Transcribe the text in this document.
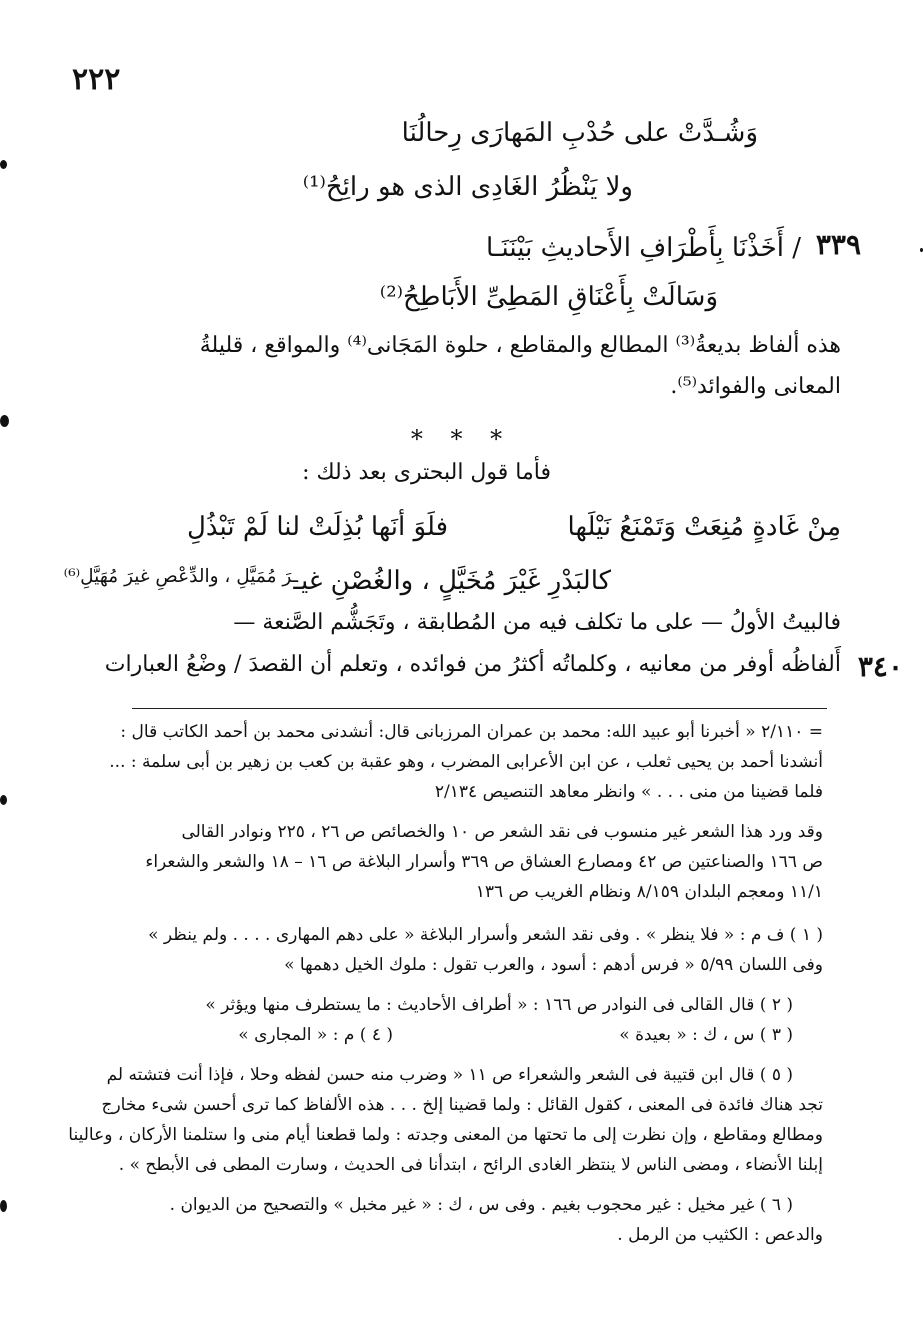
٢٢٢
وَشُـدَّتْ على حُدْبِ المَهارَى رِحالُنَا
ولا يَنْظُرُ الغَادِى الذى هو رائِحُ⁽¹⁾
/ أَخَذْنَا بِأَطْرَافِ الأَحاديثِ بَيْنَنَـا ٣٣٩
وَسَالَتْ بِأَعْنَاقِ المَطِىِّ الأَبَاطِحُ⁽²⁾
هذه ألفاظ بديعةُ⁽³⁾ المطالع والمقاطع ، حلوة المَجَانى⁽⁴⁾ والمواقع ، قليلةُ
المعانى والفوائد⁽⁵⁾.
* * *
فأما قول البحترى بعد ذلك :
مِنْ غَادةٍ مُنِعَتْ وَتَمْنَعُ نَيْلَها
فلَوَ أنَها بُذِلَتْ لنا لَمْ تَبْذُلِ
كالبَدْرِ غَيْرَ مُخَيَّلٍ ، والغُصْنِ غيـ
ـرَ مُمَيَّلِ ، والدِّعْصِ غيرَ مُهَيَّلِ⁽⁶⁾
فالبيتُ الأولُ — على ما تكلف فيه من المُطابقة ، وتَجَشُّم الصَّنعة —
٣٤٠
أَلفاظُه أوفر من معانيه ، وكلماتُه أكثرُ من فوائده ، وتعلم أن القصدَ / وضْعُ العبارات
= ٢/١١٠ « أخبرنا أبو عبيد الله: محمد بن عمران المرزبانى قال: أنشدنى محمد بن أحمد الكاتب قال :
أنشدنا أحمد بن يحيى ثعلب ، عن ابن الأعرابى المضرب ، وهو عقبة بن كعب بن زهير بن أبى سلمة : ...
فلما قضينا من منى . . . » وانظر معاهد التنصيص ٢/١٣٤
وقد ورد هذا الشعر غير منسوب فى نقد الشعر ص ١٠ والخصائص ص ٢٦ ، ٢٢٥ ونوادر القالى
ص ١٦٦ والصناعتين ص ٤٢ ومصارع العشاق ص ٣٦٩ وأسرار البلاغة ص ١٦ – ١٨ والشعر والشعراء
١١/١ ومعجم البلدان ٨/١٥٩ ونظام الغريب ص ١٣٦
( ١ ) ف م : « فلا ينظر » . وفى نقد الشعر وأسرار البلاغة « على دهم المهارى . . . . ولم ينظر »
وفى اللسان ٥/٩٩ « فرس أدهم : أسود ، والعرب تقول : ملوك الخيل دهمها »
( ٢ ) قال القالى فى النوادر ص ١٦٦ : « أطراف الأحاديث : ما يستطرف منها ويؤثر »
( ٣ ) س ، ك : « بعيدة »
( ٤ ) م : « المجارى »
( ٥ ) قال ابن قتيبة فى الشعر والشعراء ص ١١ « وضرب منه حسن لفظه وحلا ، فإذا أنت فتشته لم
تجد هناك فائدة فى المعنى ، كقول القائل : ولما قضينا إلخ . . . هذه الألفاظ كما ترى أحسن شىء مخارج
ومطالع ومقاطع ، وإن نظرت إلى ما تحتها من المعنى وجدته : ولما قطعنا أيام منى وا ستلمنا الأركان ، وعالينا
إبلنا الأنضاء ، ومضى الناس لا ينتظر الغادى الرائح ، ابتدأنا فى الحديث ، وسارت المطى فى الأبطح » .
( ٦ ) غير مخيل : غير محجوب بغيم . وفى س ، ك : « غير مخبل » والتصحيح من الديوان .
والدعص : الكثيب من الرمل .
